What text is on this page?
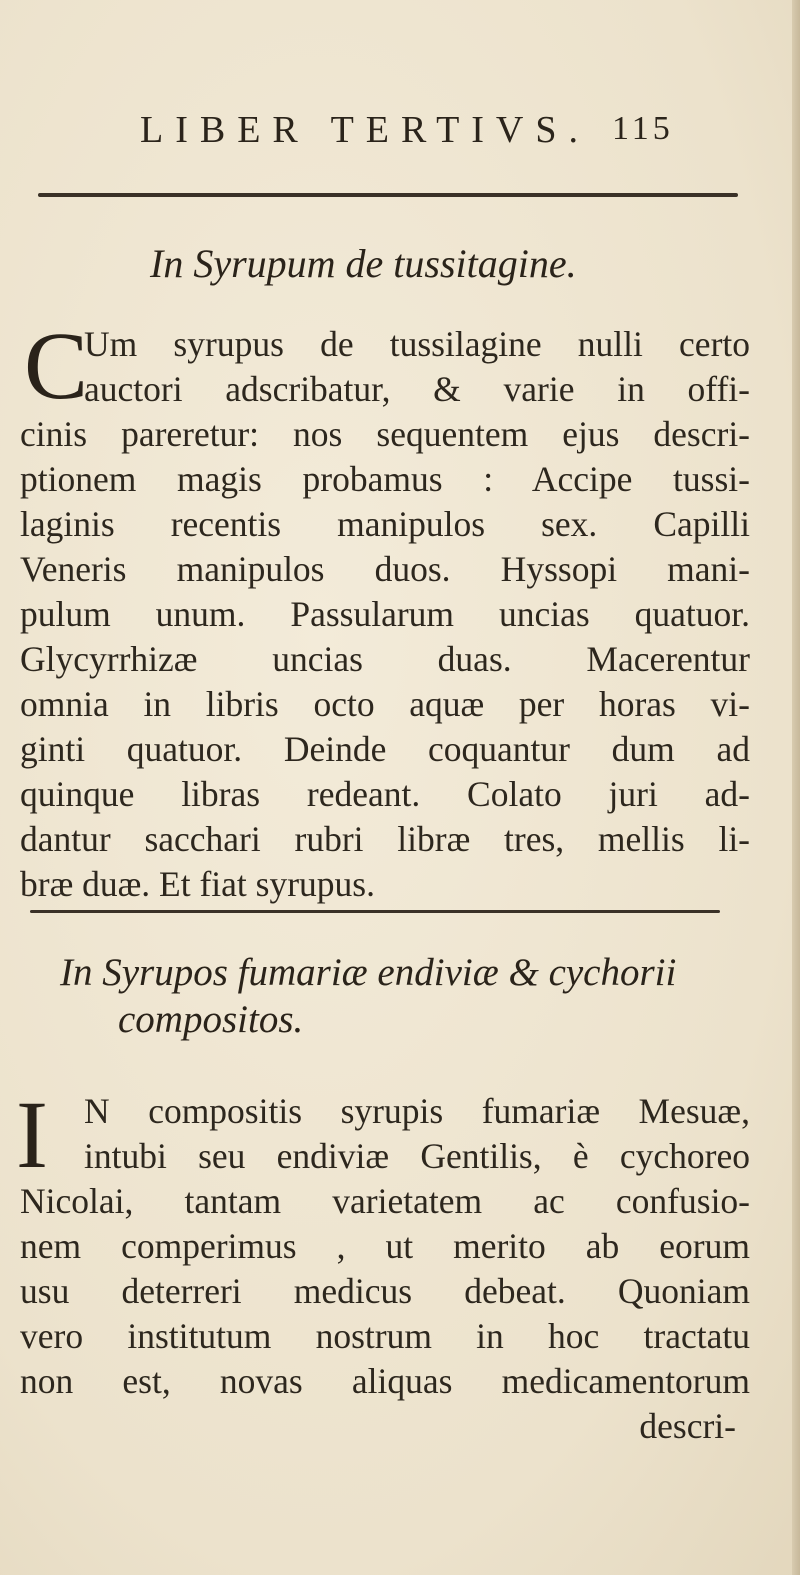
LIBER TERTIVS. 115
In Syrupum de tussitagine.
C
Um syrupus de tussilagine nulli certo
auctori adscribatur, & varie in offi-
cinis pareretur: nos sequentem ejus descri-
ptionem magis probamus : Accipe tussi-
laginis recentis manipulos sex. Capilli
Veneris manipulos duos. Hyssopi mani-
pulum unum. Passularum uncias quatuor.
Glycyrrhizæ uncias duas. Macerentur
omnia in libris octo aquæ per horas vi-
ginti quatuor. Deinde coquantur dum ad
quinque libras redeant. Colato juri ad-
dantur sacchari rubri libræ tres, mellis li-
bræ duæ. Et fiat syrupus.
In Syrupos fumariæ endiviæ & cychorii
compositos.
I	N compositis syrupis fumariæ Mesuæ,
intubi seu endiviæ Gentilis, è cychoreo
Nicolai, tantam varietatem ac confusio-
nem comperimus , ut merito ab eorum
usu deterreri medicus debeat. Quoniam
vero institutum nostrum in hoc tractatu
non est, novas aliquas medicamentorum
descri-
